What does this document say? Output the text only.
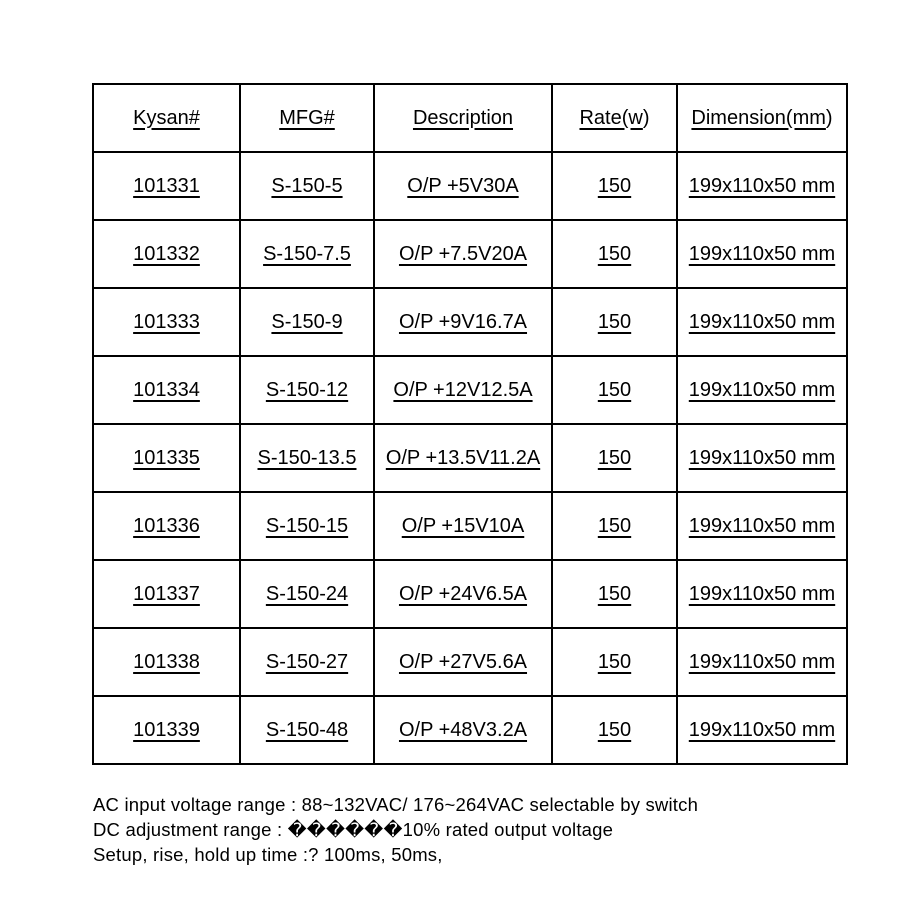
Kysan#	MFG#	Description	Rate(w)	Dimension(mm)
101331	S-150-5	O/P +5V30A	150	199x110x50 mm
101332	S-150-7.5	O/P +7.5V20A	150	199x110x50 mm
101333	S-150-9	O/P +9V16.7A	150	199x110x50 mm
101334	S-150-12	O/P +12V12.5A	150	199x110x50 mm
101335	S-150-13.5	O/P +13.5V11.2A	150	199x110x50 mm
101336	S-150-15	O/P +15V10A	150	199x110x50 mm
101337	S-150-24	O/P +24V6.5A	150	199x110x50 mm
101338	S-150-27	O/P +27V5.6A	150	199x110x50 mm
101339	S-150-48	O/P +48V3.2A	150	199x110x50 mm

AC input voltage range : 88~132VAC/ 176~264VAC selectable by switch

DC adjustment range : ������10% rated output voltage

Setup, rise, hold up time :? 100ms, 50ms,
